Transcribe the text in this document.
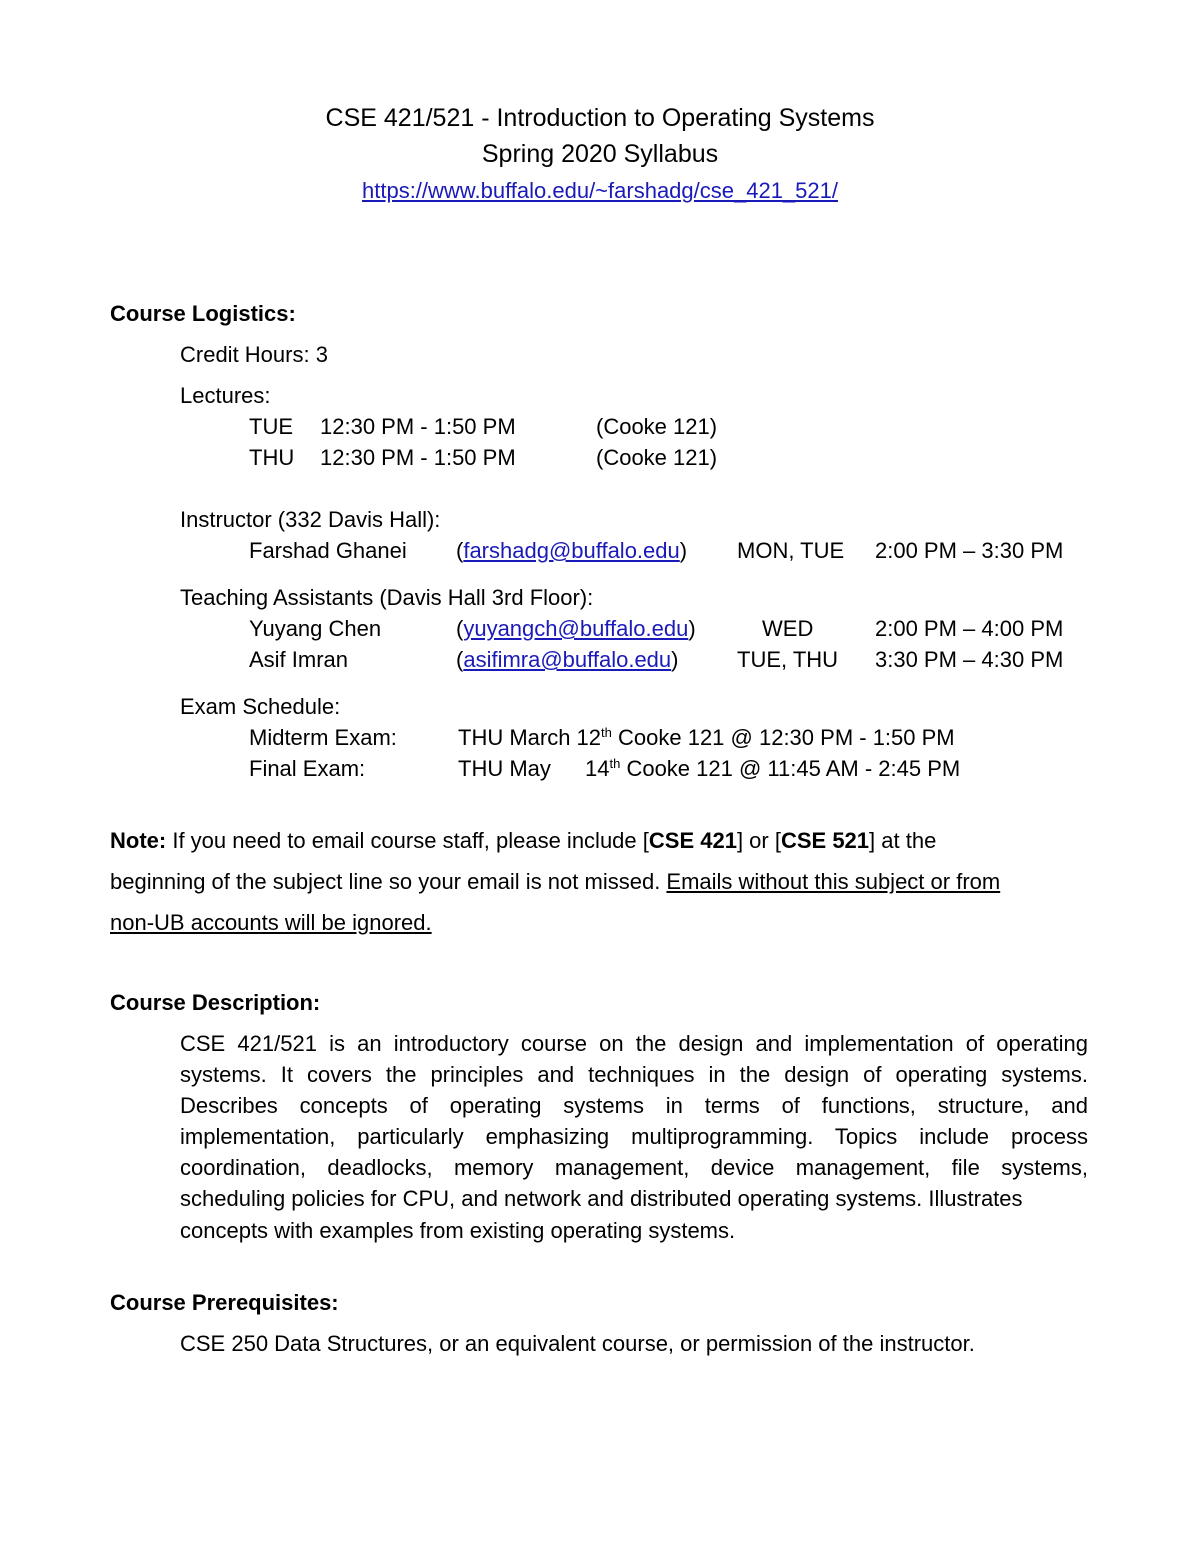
CSE 421/521 - Introduction to Operating Systems
Spring 2020 Syllabus
https://www.buffalo.edu/~farshadg/cse_421_521/
Course Logistics:
Credit Hours: 3
Lectures:
TUE 12:30 PM - 1:50 PM	(Cooke 121)
THU 12:30 PM - 1:50 PM	(Cooke 121)
Instructor (332 Davis Hall):
Farshad Ghanei (farshadg@buffalo.edu) MON, TUE 2:00 PM – 3:30 PM
Teaching Assistants (Davis Hall 3rd Floor):
Yuyang Chen	(yuyangch@buffalo.edu)	WED	2:00 PM – 4:00 PM
Asif Imran	(asifimra@buffalo.edu)	TUE, THU 3:30 PM – 4:30 PM
Exam Schedule:
Midterm Exam:	THU March 12th Cooke 121 @ 12:30 PM - 1:50 PM
Final Exam:	THU May 14th Cooke 121 @ 11:45 AM - 2:45 PM
Note: If you need to email course staff, please include [CSE 421] or [CSE 521] at the
beginning of the subject line so your email is not missed. Emails without this subject or from
non-UB accounts will be ignored.
Course Description:
CSE 421/521 is an introductory course on the design and implementation of operating systems. It covers the principles and techniques in the design of operating systems. Describes concepts of operating systems in terms of functions, structure, and implementation, particularly emphasizing multiprogramming. Topics include process coordination, deadlocks, memory management, device management, file systems, scheduling policies for CPU, and network and distributed operating systems. Illustrates
concepts with examples from existing operating systems.
Course Prerequisites:
CSE 250 Data Structures, or an equivalent course, or permission of the instructor.
